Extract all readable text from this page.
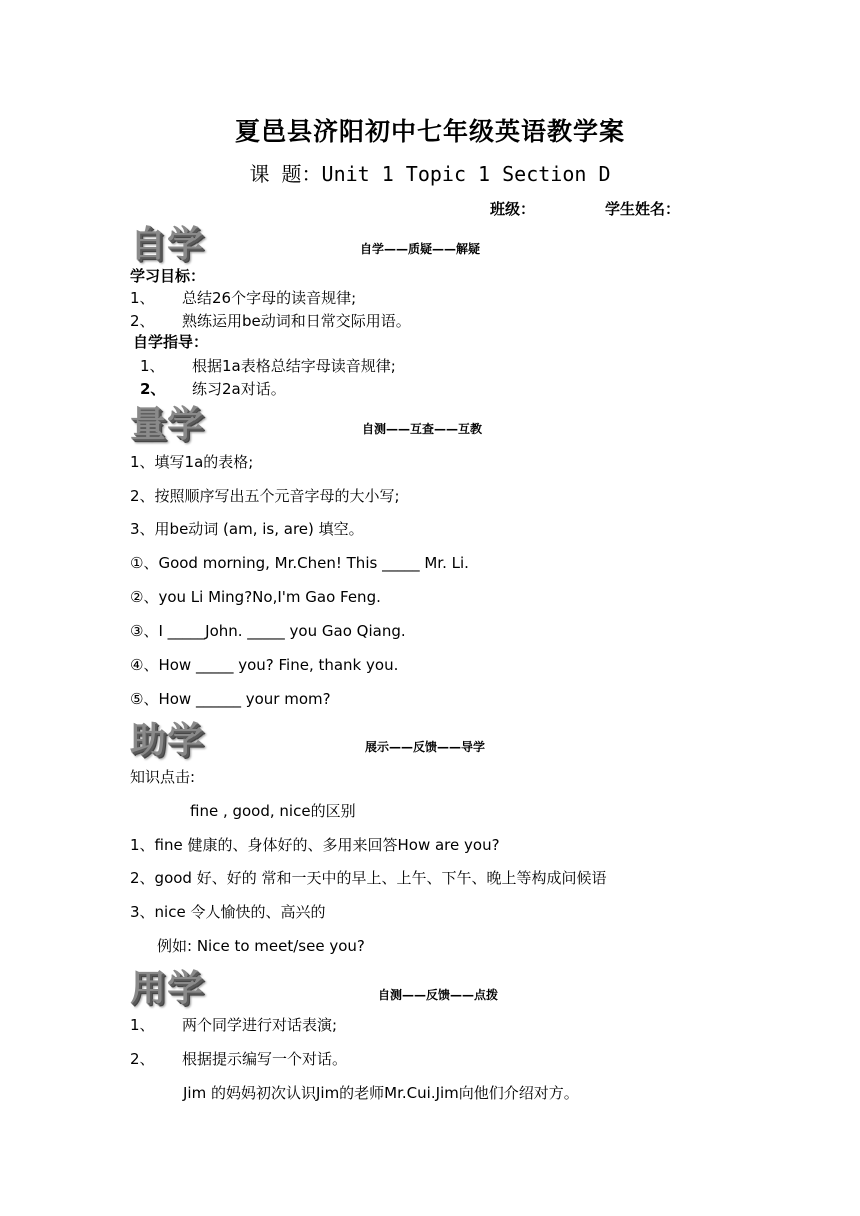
夏邑县济阳初中七年级英语教学案
课 题：Unit 1 Topic 1 Section D
班级：	学生姓名：
自学	自学——质疑——解疑
学习目标：
1、 总结26个字母的读音规律;
2、 熟练运用be动词和日常交际用语。
自学指导：
1、 根据1a表格总结字母读音规律;
2、 练习2a对话。
量学	自测——互查——互教
1、填写1a的表格;
2、按照顺序写出五个元音字母的大小写;
3、用be动词 (am, is, are) 填空。
①、Good morning, Mr.Chen! This _____ Mr. Li.
②、you Li Ming?No,I'm Gao Feng.
③、I _____John. _____ you Gao Qiang.
④、How _____ you? Fine, thank you.
⑤、How ______ your mom?
助学	展示——反馈——导学
知识点击:
fine , good, nice的区别
1、fine 健康的、身体好的、多用来回答How are you?
2、good 好、好的 常和一天中的早上、上午、下午、晚上等构成问候语
3、nice 令人愉快的、高兴的
例如: Nice to meet/see you?
用学	自测——反馈——点拨
1、 两个同学进行对话表演;
2、 根据提示编写一个对话。
Jim 的妈妈初次认识Jim的老师Mr.Cui.Jim向他们介绍对方。
